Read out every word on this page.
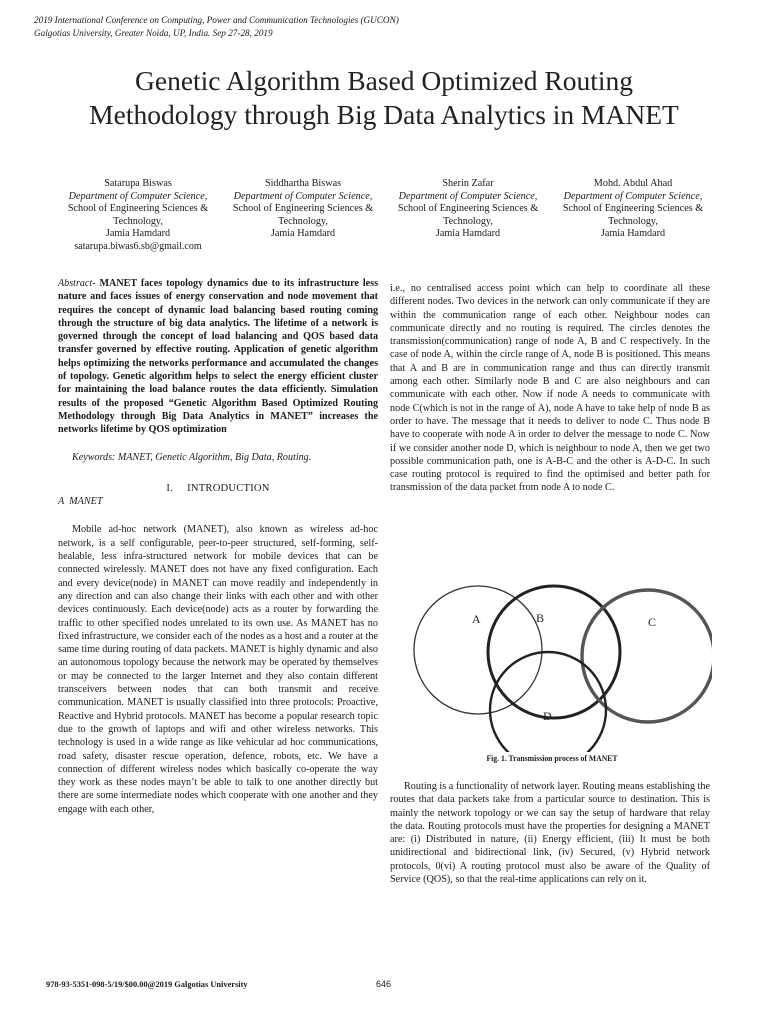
2019 International Conference on Computing, Power and Communication Technologies (GUCON)
Galgotias University, Greater Noida, UP, India. Sep 27-28, 2019
Genetic Algorithm Based Optimized Routing Methodology through Big Data Analytics in MANET
Satarupa Biswas
Department of Computer Science,
School of Engineering Sciences & Technology,
Jamia Hamdard
satarupa.biwas6.sb@gmail.com
Siddhartha Biswas
Department of Computer Science,
School of Engineering Sciences & Technology,
Jamia Hamdard
Sherin Zafar
Department of Computer Science,
School of Engineering Sciences & Technology,
Jamia Hamdard
Mohd. Abdul Ahad
Department of Computer Science,
School of Engineering Sciences & Technology,
Jamia Hamdard

Abstract- MANET faces topology dynamics due to its infrastructure less nature and faces issues of energy conservation and node movement that requires the concept of dynamic load balancing based routing coming through the structure of big data analytics. The lifetime of a network is governed through the concept of load balancing and QOS based data transfer governed by effective routing. Application of genetic algorithm helps optimizing the networks performance and accumulated the changes of topology. Genetic algorithm helps to select the energy efficient cluster for maintaining the load balance routes the data efficiently. Simulation results of the proposed “Genetic Algorithm Based Optimized Routing Methodology through Big Data Analytics in MANET” increases the networks lifetime by QOS optimization

Keywords: MANET, Genetic Algorithm, Big Data, Routing.
I.     INTRODUCTION
A  MANET

Mobile ad-hoc network (MANET), also known as wireless ad-hoc network, is a self configurable, peer-to-peer structured, self-forming, self-healable, less infra-structured network for mobile devices that can be connected wirelessly. MANET does not have any fixed configuration. Each and every device(node) in MANET can move readily and independently in any direction and can also change their links with each other and with other devices continuously. Each device(node) acts as a router by forwarding the traffic to other specified nodes unrelated to its own use. As MANET has no fixed infrastructure, we consider each of the nodes as a host and a router at the same time during routing of data packets. MANET is highly dynamic and also an autonomous topology because the network may be operated by themselves or may be connected to the larger Internet and they also contain different transceivers between nodes that can both transmit and receive communication. MANET is usually classified into three protocols: Proactive, Reactive and Hybrid protocols. MANET has become a popular research topic due to the growth of laptops and wifi and other wireless networks. This technology is used in a wide range as like vehicular ad hoc communications, road safety, disaster rescue operation, defence, robots, etc. We have a connection of different wireless nodes which basically co-operate the way they work as these nodes mayn’t be able to talk to one another directly but there are some intermediate nodes which cooperate with one another and they engage with each other,

i.e., no centralised access point which can help to coordinate all these different nodes. Two devices in the network can only communicate if they are within the communication range of each other. Neighbour nodes can communicate directly and no routing is required. The circles denotes the transmission(communication) range of node A, B and C respectively. In the case of node A, within the circle range of A, node B is positioned. This means that A and B are in communication range and thus can directly transmit among each other. Similarly node B and C are also neighbours and can communicate with each other. Now if node A needs to communicate with node C(which is not in the range of A), node A have to take help of node B as order to have. The message that it needs to deliver to node C. Thus node B have to cooperate with node A in order to delver the message to node C. Now if we consider another node D, which is neighbour to node A, then we get two possible communication path, one is A-B-C and the other is A-D-C. In such case routing protocol is required to find the optimised and better path for transmission of the data packet from node A to node C.

A	B	C
D
Fig. 1. Transmission process of MANET

Routing is a functionality of network layer. Routing means establishing the routes that data packets take from a particular source to destination. This is mainly the network topology or we can say the setup of hardware that relay the data. Routing protocols must have the properties for designing a MANET are: (i) Distributed in nature, (ii) Energy efficient, (iii) It must be both unidirectional and bidirectional link, (iv) Secured, (v) Hybrid network protocols, 0(vi) A routing protocol must also be aware of the Quality of Service (QOS), so that the real-time applications can rely on it.

978-93-5351-098-5/19/$00.00@2019 Galgotias University	646
